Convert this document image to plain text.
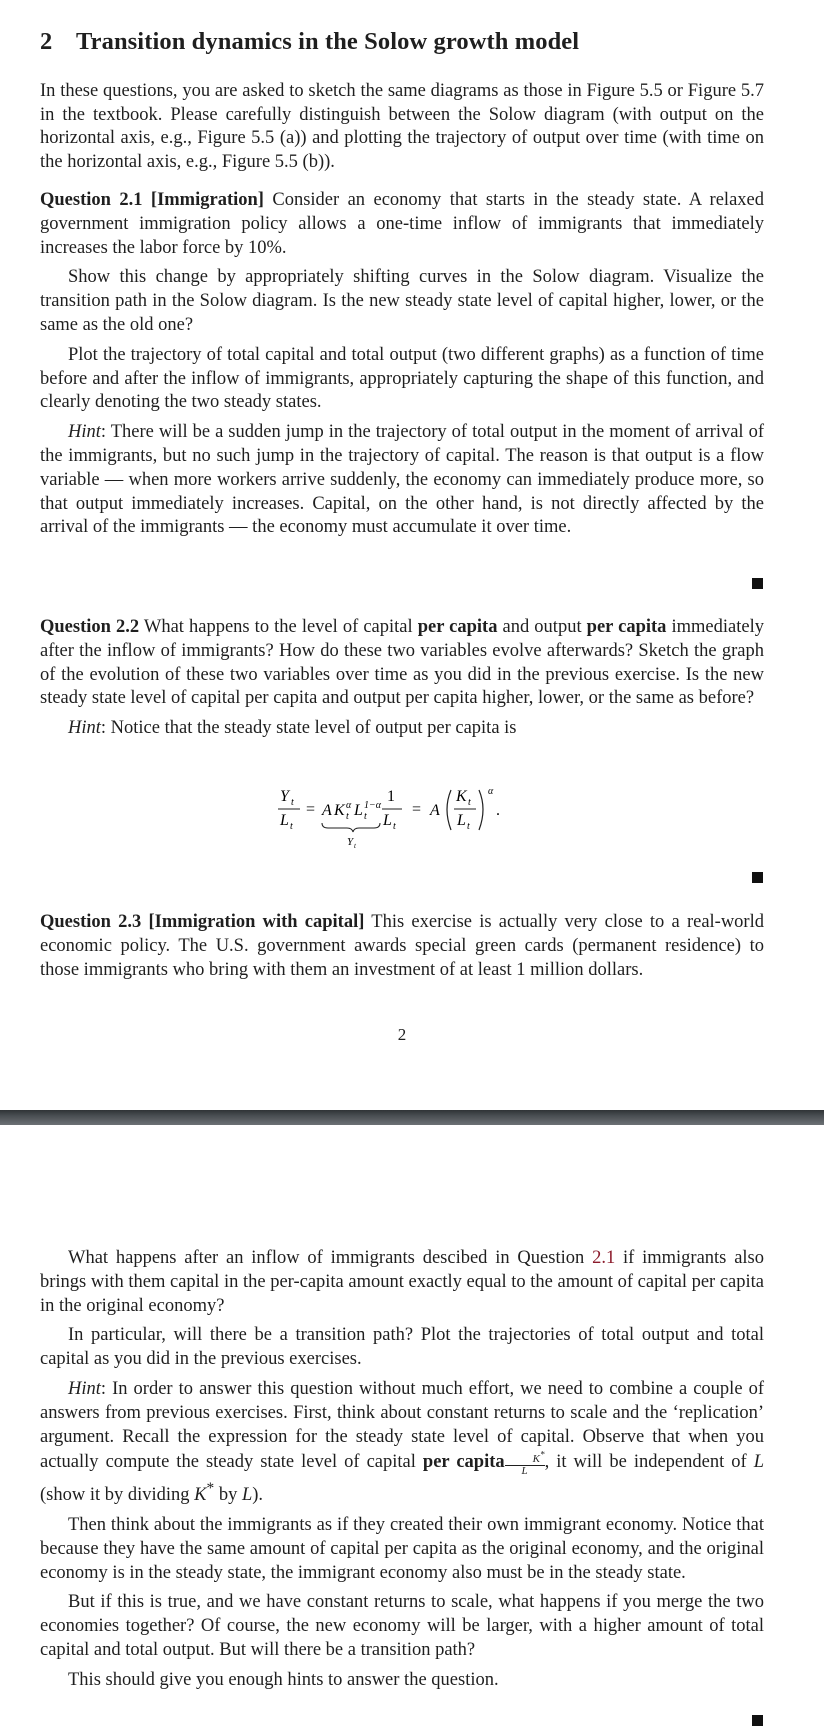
2 Transition dynamics in the Solow growth model

In these questions, you are asked to sketch the same diagrams as those in Figure 5.5 or Figure 5.7 in the textbook. Please carefully distinguish between the Solow diagram (with output on the horizontal axis, e.g., Figure 5.5 (a)) and plotting the trajectory of output over time (with time on the horizontal axis, e.g., Figure 5.5 (b)).

Question 2.1 [Immigration] Consider an economy that starts in the steady state. A relaxed government immigration policy allows a one-time inflow of immigrants that immediately increases the labor force by 10%.

Show this change by appropriately shifting curves in the Solow diagram. Visualize the transition path in the Solow diagram. Is the new steady state level of capital higher, lower, or the same as the old one?

Plot the trajectory of total capital and total output (two different graphs) as a function of time before and after the inflow of immigrants, appropriately capturing the shape of this function, and clearly denoting the two steady states.

Hint: There will be a sudden jump in the trajectory of total output in the moment of arrival of the immigrants, but no such jump in the trajectory of capital. The reason is that output is a flow variable — when more workers arrive suddenly, the economy can immediately produce more, so that output immediately increases. Capital, on the other hand, is not directly affected by the arrival of the immigrants — the economy must accumulate it over time.

Question 2.2 What happens to the level of capital per capita and output per capita immediately after the inflow of immigrants? How do these two variables evolve afterwards? Sketch the graph of the evolution of these two variables over time as you did in the previous exercise. Is the new steady state level of capital per capita and output per capita higher, lower, or the same as before?

Hint: Notice that the steady state level of output per capita is

Y t
L t
= A K α
t L 1−α
t
1
L t
Y t
= A
K t
L t
α
.

Question 2.3 [Immigration with capital] This exercise is actually very close to a real-world economic policy. The U.S. government awards special green cards (permanent residence) to those immigrants who bring with them an investment of at least 1 million dollars.

2

What happens after an inflow of immigrants descibed in Question 2.1 if immigrants also brings with them capital in the per-capita amount exactly equal to the amount of capital per capita in the original economy?

In particular, will there be a transition path? Plot the trajectories of total output and total capital as you did in the previous exercises.

Hint: In order to answer this question without much effort, we need to combine a couple of answers from previous exercises. First, think about constant returns to scale and the ‘replication’ argument. Recall the expression for the steady state level of capital. Observe that when you actually compute the steady state level of capital per capita	K*
L , it will be independent of L (show it by dividing K* by L).

Then think about the immigrants as if they created their own immigrant economy. Notice that because they have the same amount of capital per capita as the original economy, and the original economy is in the steady state, the immigrant economy also must be in the steady state.

But if this is true, and we have constant returns to scale, what happens if you merge the two economies together? Of course, the new economy will be larger, with a higher amount of total capital and total output. But will there be a transition path?

This should give you enough hints to answer the question.
